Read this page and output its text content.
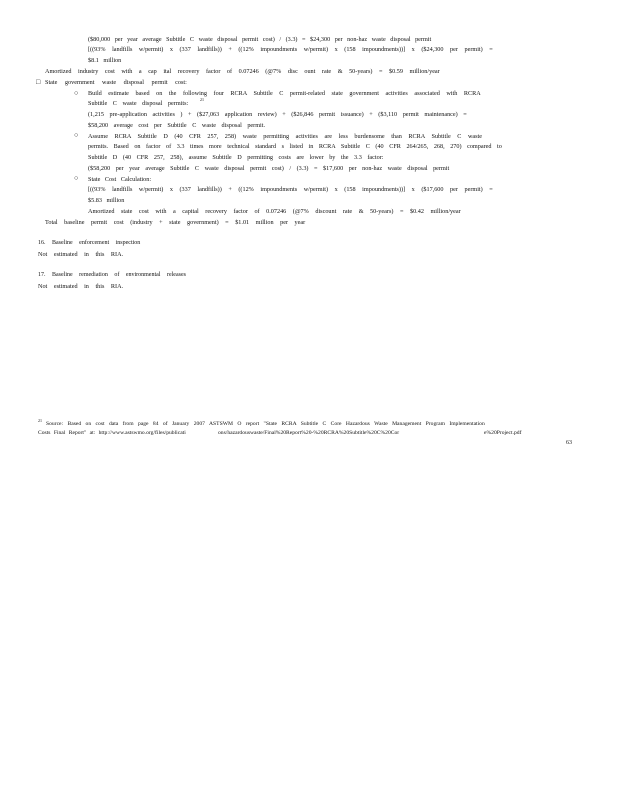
($80,000 per year average Subtitle C waste disposal permit cost) / (3.3) = $24,300 per non-haz waste disposal permit
[((93% landfills w/permit) x (337 landfills)) + ((12% impoundments w/permit) x (158 impoundments))] x ($24,300 per permit) =
$8.1 million
Amortized industry cost with a cap ital recovery factor of 0.07246 (@7% disc ount rate & 50-years) = $0.59 million/year
□ State government waste disposal permit cost:
○ Build estimate based on the following four RCRA Subtitle C permit-related state government activities associated with RCRA
Subtitle C waste disposal permits:
21
(1,215 pre-application activities ) + ($27,063 application review) + ($26,846 permit issuance) + ($3,110 permit maintenance) =
$58,200 average cost per Subtitle C waste disposal permit.
○ Assume RCRA Subtitle D (40 CFR 257, 258) waste permitting activities are less burdensome than RCRA Subtitle C waste
permits. Based on factor of 3.3 times more technical standard s listed in RCRA Subtitle C (40 CFR 264/265, 268, 270) compared to
Subtitle D (40 CFR 257, 258), assume Subtitle D permitting costs are lower by the 3.3 factor:
($58,200 per year average Subtitle C waste disposal permit cost) / (3.3) = $17,600 per non-haz waste disposal permit
○ State Cost Calculation:
[((93% landfills w/permit) x (337 landfills)) + ((12% impoundments w/permit) x (158 impoundments))] x ($17,600 per permit) =
$5.83 million
Amortized state cost with a capital recovery factor of 0.07246 (@7% discount rate & 50-years) = $0.42 million/year
Total baseline permit cost (industry + state government) = $1.01 million per year
16. Baseline enforcement inspection
Not estimated in this RIA.
17. Baseline remediation of environmental releases
Not estimated in this RIA.
21
Source: Based on cost data from page 84 of January 2007 ASTSWM O report "State RCRA Subtitle C Core Hazardous Waste Management Program Implementation
Costs Final Report" at: http://www.astswmo.org/files/publicati	ons/hazardouswaste/Final%20Report%20-%20RCRA%20Subtitle%20C%20Cor	e%20Project.pdf
63
